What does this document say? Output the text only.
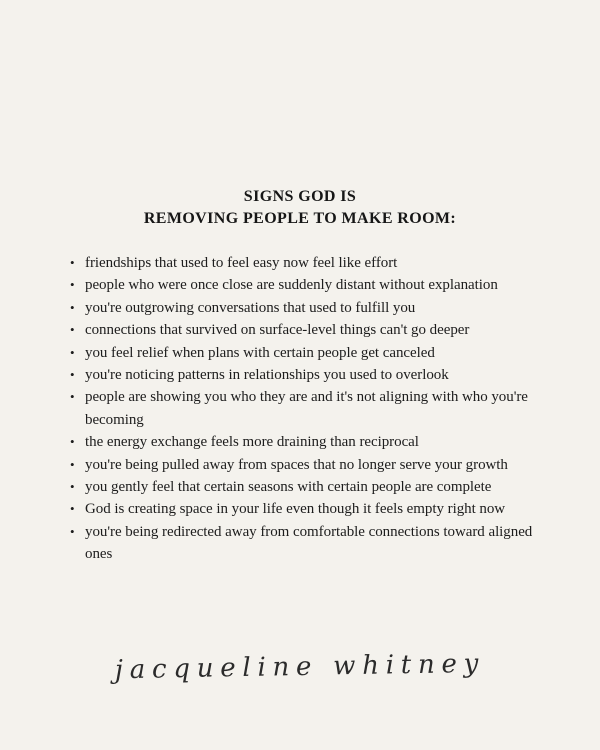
SIGNS GOD IS
REMOVING PEOPLE TO MAKE ROOM:
• friendships that used to feel easy now feel like effort
• people who were once close are suddenly distant without explanation
• you're outgrowing conversations that used to fulfill you
• connections that survived on surface-level things can't go deeper
• you feel relief when plans with certain people get canceled
• you're noticing patterns in relationships you used to overlook
• people are showing you who they are and it's not aligning with who you're becoming
• the energy exchange feels more draining than reciprocal
• you're being pulled away from spaces that no longer serve your growth
• you gently feel that certain seasons with certain people are complete
• God is creating space in your life even though it feels empty right now
• you're being redirected away from comfortable connections toward aligned ones
jacqueline whitney
